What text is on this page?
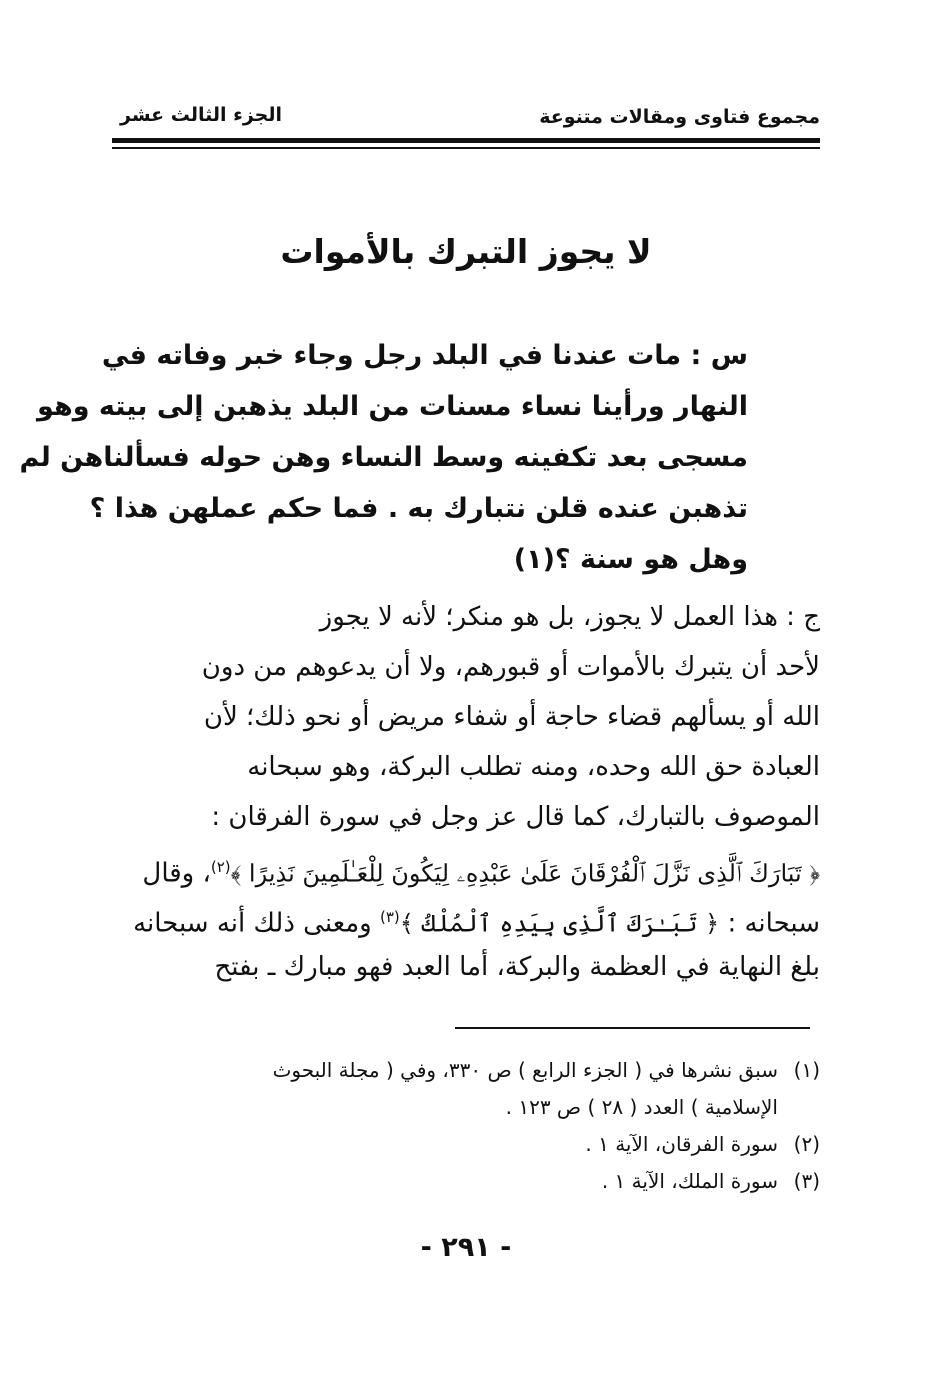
مجموع فتاوى ومقالات متنوعة
الجزء الثالث عشر
لا يجوز التبرك بالأموات
س : مات عندنا في البلد رجل وجاء خبر وفاته في
النهار ورأينا نساء مسنات من البلد يذهبن إلى بيته وهو
مسجى بعد تكفينه وسط النساء وهن حوله فسألناهن لم
تذهبن عنده قلن نتبارك به . فما حكم عملهن هذا ؟
وهل هو سنة ؟(١)
ج : هذا العمل لا يجوز، بل هو منكر؛ لأنه لا يجوز
لأحد أن يتبرك بالأموات أو قبورهم، ولا أن يدعوهم من دون
الله أو يسألهم قضاء حاجة أو شفاء مريض أو نحو ذلك؛ لأن
العبادة حق الله وحده، ومنه تطلب البركة، وهو سبحانه
الموصوف بالتبارك، كما قال عز وجل في سورة الفرقان :
﴿ تَبَارَكَ ٱلَّذِى نَزَّلَ ٱلْفُرْقَانَ عَلَىٰ عَبْدِهِۦ لِيَكُونَ لِلْعَـٰلَمِينَ نَذِيرًا ﴾$^{(٢)}$، وقال
سبحانه : ﴿ تَبَـٰرَكَ ٱلَّذِى بِيَدِهِ ٱلْمُلْكُ ﴾$^{(٣)}$ ومعنى ذلك أنه سبحانه
بلغ النهاية في العظمة والبركة، أما العبد فهو مبارك ـ بفتح
(١)سبق نشرها في ( الجزء الرابع ) ص ٣٣٠، وفي ( مجلة البحوث
الإسلامية ) العدد ( ٢٨ ) ص ١٢٣ .
(٢)سورة الفرقان، الآية ١ .
(٣)سورة الملك، الآية ١ .
- ٢٩١ -
